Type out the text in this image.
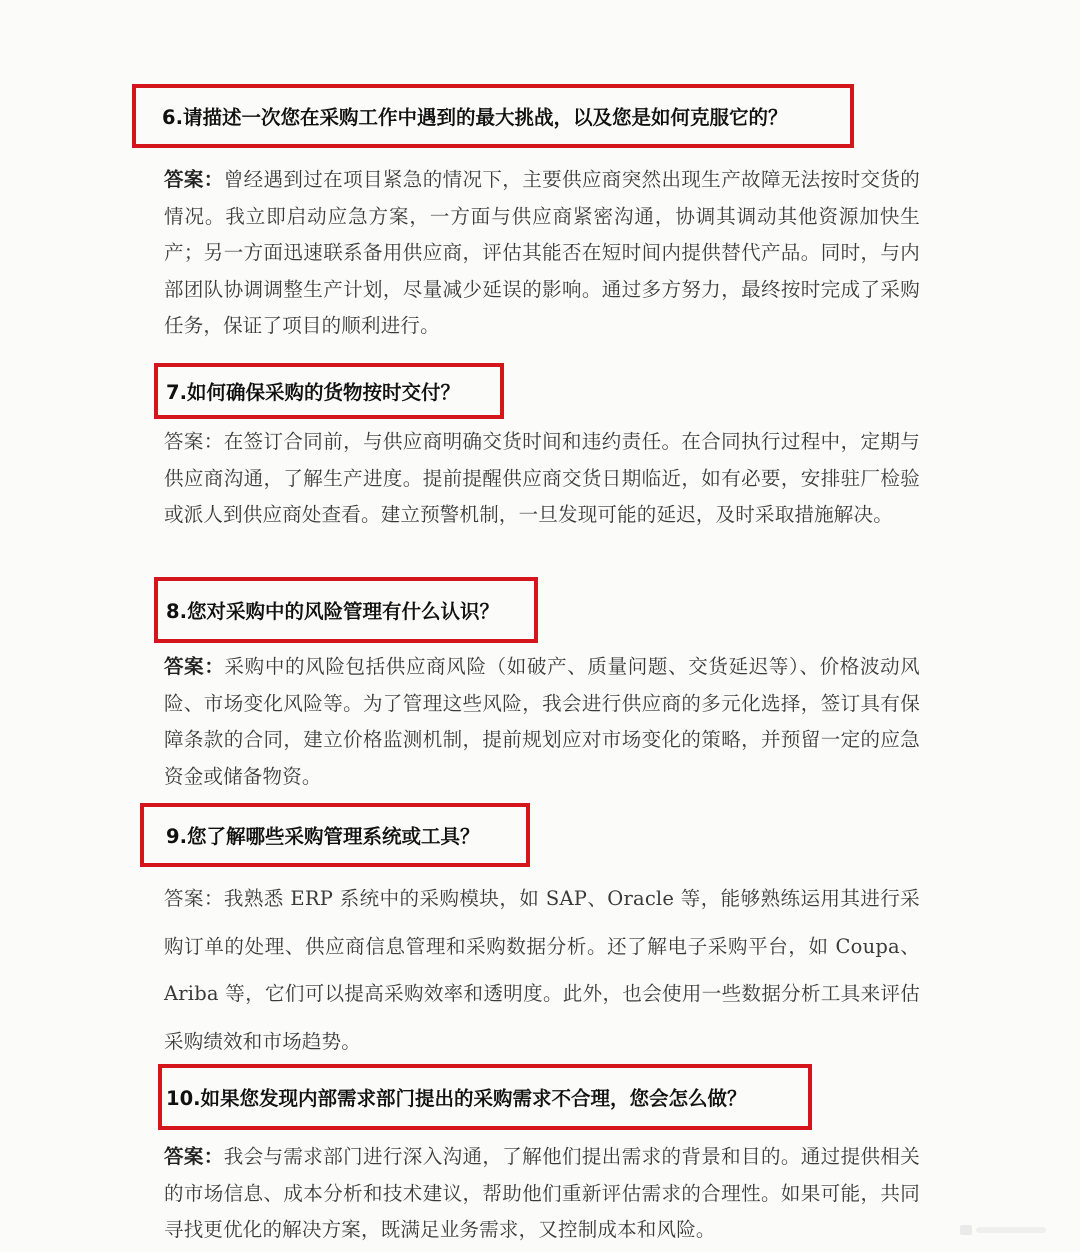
6.请描述一次您在采购工作中遇到的最大挑战，以及您是如何克服它的？
答案：曾经遇到过在项目紧急的情况下，主要供应商突然出现生产故障无法按时交货的情况。我立即启动应急方案，一方面与供应商紧密沟通，协调其调动其他资源加快生产；另一方面迅速联系备用供应商，评估其能否在短时间内提供替代产品。同时，与内部团队协调调整生产计划，尽量减少延误的影响。通过多方努力，最终按时完成了采购任务，保证了项目的顺利进行。
7.如何确保采购的货物按时交付？
答案：在签订合同前，与供应商明确交货时间和违约责任。在合同执行过程中，定期与供应商沟通，了解生产进度。提前提醒供应商交货日期临近，如有必要，安排驻厂检验或派人到供应商处查看。建立预警机制，一旦发现可能的延迟，及时采取措施解决。
8.您对采购中的风险管理有什么认识？
答案：采购中的风险包括供应商风险（如破产、质量问题、交货延迟等）、价格波动风险、市场变化风险等。为了管理这些风险，我会进行供应商的多元化选择，签订具有保障条款的合同，建立价格监测机制，提前规划应对市场变化的策略，并预留一定的应急资金或储备物资。
9.您了解哪些采购管理系统或工具？
答案：我熟悉 ERP 系统中的采购模块，如 SAP、Oracle 等，能够熟练运用其进行采购订单的处理、供应商信息管理和采购数据分析。还了解电子采购平台，如 Coupa、Ariba 等，它们可以提高采购效率和透明度。此外，也会使用一些数据分析工具来评估采购绩效和市场趋势。
10.如果您发现内部需求部门提出的采购需求不合理，您会怎么做？
答案：我会与需求部门进行深入沟通，了解他们提出需求的背景和目的。通过提供相关的市场信息、成本分析和技术建议，帮助他们重新评估需求的合理性。如果可能，共同寻找更优化的解决方案，既满足业务需求，又控制成本和风险。
